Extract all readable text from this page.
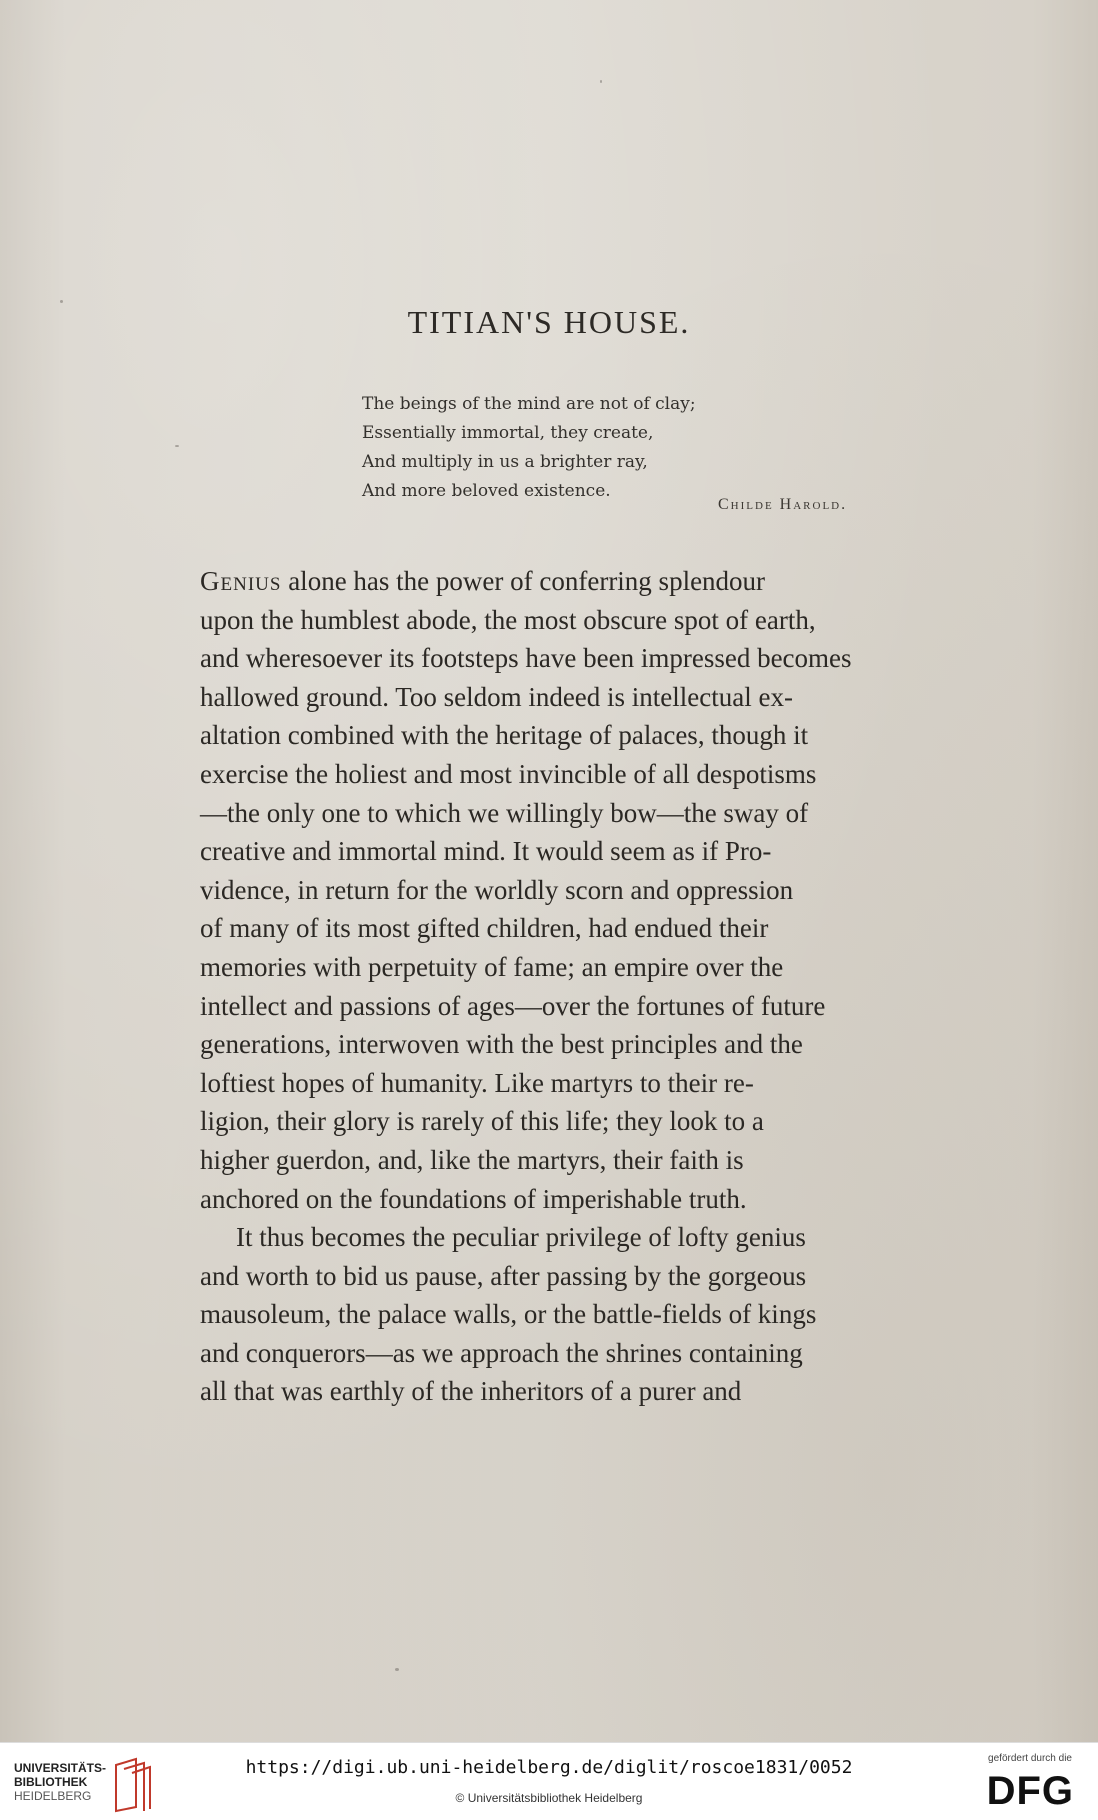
TITIAN'S HOUSE.
The beings of the mind are not of clay;
Essentially immortal, they create,
And multiply in us a brighter ray,
And more beloved existence.
Childe Harold.
Genius alone has the power of conferring splendour
upon the humblest abode, the most obscure spot of earth,
and wheresoever its footsteps have been impressed becomes
hallowed ground. Too seldom indeed is intellectual ex-
altation combined with the heritage of palaces, though it
exercise the holiest and most invincible of all despotisms
—the only one to which we willingly bow—the sway of
creative and immortal mind. It would seem as if Pro-
vidence, in return for the worldly scorn and oppression
of many of its most gifted children, had endued their
memories with perpetuity of fame; an empire over the
intellect and passions of ages—over the fortunes of future
generations, interwoven with the best principles and the
loftiest hopes of humanity. Like martyrs to their re-
ligion, their glory is rarely of this life; they look to a
higher guerdon, and, like the martyrs, their faith is
anchored on the foundations of imperishable truth.
It thus becomes the peculiar privilege of lofty genius
and worth to bid us pause, after passing by the gorgeous
mausoleum, the palace walls, or the battle-fields of kings
and conquerors—as we approach the shrines containing
all that was earthly of the inheritors of a purer and
UNIVERSITÄTS-
BIBLIOTHEK
HEIDELBERG
https://digi.ub.uni-heidelberg.de/diglit/roscoe1831/0052
© Universitätsbibliothek Heidelberg
gefördert durch die
DFG
